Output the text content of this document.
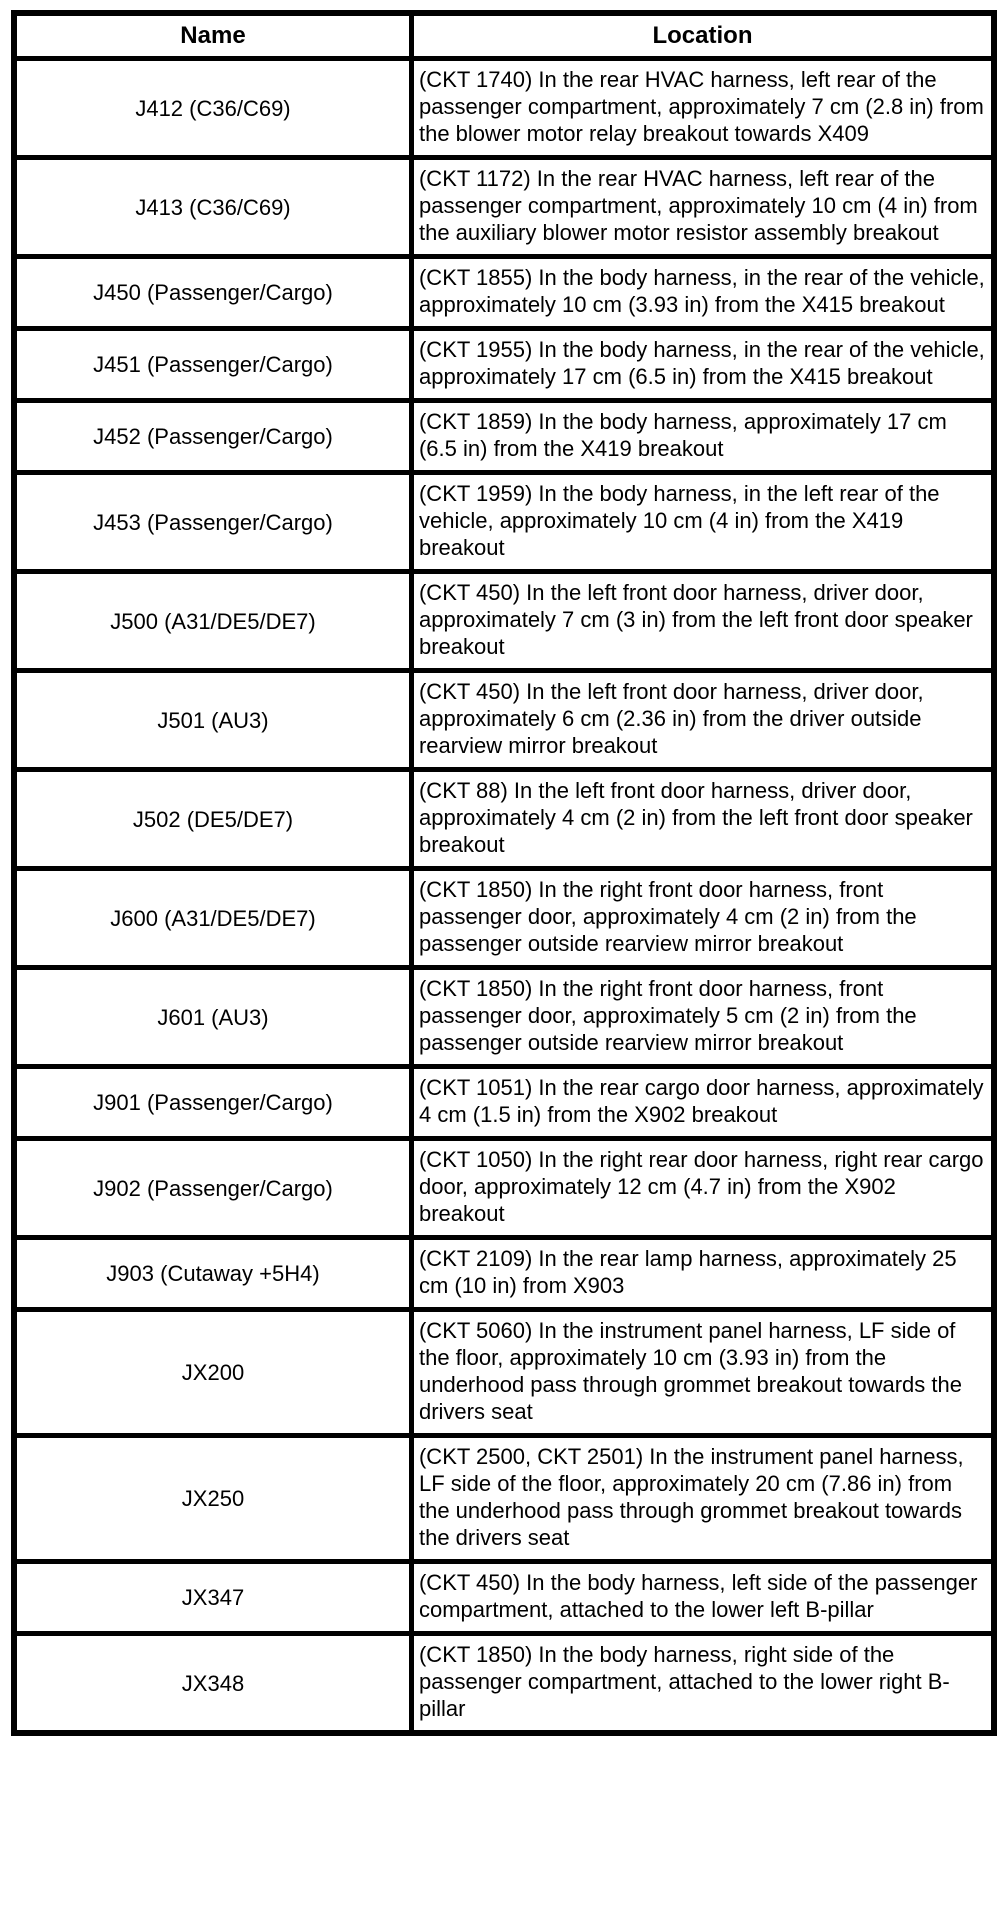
Name	Location
J412 (C36/C69)	(CKT 1740) In the rear HVAC harness, left rear of the passenger compartment, approximately 7 cm (2.8 in) from the blower motor relay breakout towards X409
J413 (C36/C69)	(CKT 1172) In the rear HVAC harness, left rear of the passenger compartment, approximately 10 cm (4 in) from the auxiliary blower motor resistor assembly breakout
J450 (Passenger/Cargo)	(CKT 1855) In the body harness, in the rear of the vehicle, approximately 10 cm (3.93 in) from the X415 breakout
J451 (Passenger/Cargo)	(CKT 1955) In the body harness, in the rear of the vehicle, approximately 17 cm (6.5 in) from the X415 breakout
J452 (Passenger/Cargo)	(CKT 1859) In the body harness, approximately 17 cm (6.5 in) from the X419 breakout
J453 (Passenger/Cargo)	(CKT 1959) In the body harness, in the left rear of the vehicle, approximately 10 cm (4 in) from the X419 breakout
J500 (A31/DE5/DE7)	(CKT 450) In the left front door harness, driver door, approximately 7 cm (3 in) from the left front door speaker breakout
J501 (AU3)	(CKT 450) In the left front door harness, driver door, approximately 6 cm (2.36 in) from the driver outside rearview mirror breakout
J502 (DE5/DE7)	(CKT 88) In the left front door harness, driver door, approximately 4 cm (2 in) from the left front door speaker breakout
J600 (A31/DE5/DE7)	(CKT 1850) In the right front door harness, front passenger door, approximately 4 cm (2 in) from the passenger outside rearview mirror breakout
J601 (AU3)	(CKT 1850) In the right front door harness, front passenger door, approximately 5 cm (2 in) from the passenger outside rearview mirror breakout
J901 (Passenger/Cargo)	(CKT 1051) In the rear cargo door harness, approximately 4 cm (1.5 in) from the X902 breakout
J902 (Passenger/Cargo)	(CKT 1050) In the right rear door harness, right rear cargo door, approximately 12 cm (4.7 in) from the X902 breakout
J903 (Cutaway +5H4)	(CKT 2109) In the rear lamp harness, approximately 25 cm (10 in) from X903
JX200	(CKT 5060) In the instrument panel harness, LF side of the floor, approximately 10 cm (3.93 in) from the underhood pass through grommet breakout towards the drivers seat
JX250	(CKT 2500, CKT 2501) In the instrument panel harness, LF side of the floor, approximately 20 cm (7.86 in) from the underhood pass through grommet breakout towards the drivers seat
JX347	(CKT 450) In the body harness, left side of the passenger compartment, attached to the lower left B-pillar
JX348	(CKT 1850) In the body harness, right side of the passenger compartment, attached to the lower right B-pillar
